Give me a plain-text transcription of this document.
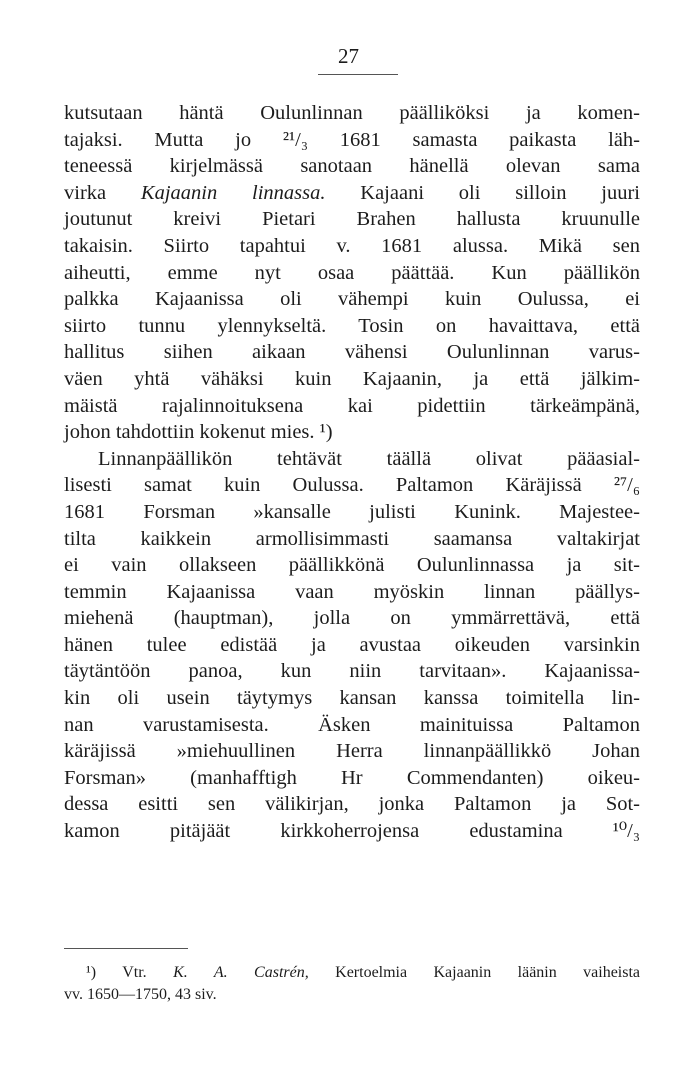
27
kutsutaan häntä Oulunlinnan päälliköksi ja komen-
tajaksi. Mutta jo ²¹/₃ 1681 samasta paikasta läh-
teneessä kirjelmässä sanotaan hänellä olevan sama
virka Kajaanin linnassa. Kajaani oli silloin juuri
joutunut kreivi Pietari Brahen hallusta kruunulle
takaisin. Siirto tapahtui v. 1681 alussa. Mikä sen
aiheutti, emme nyt osaa päättää. Kun päällikön
palkka Kajaanissa oli vähempi kuin Oulussa, ei
siirto tunnu ylennykseltä. Tosin on havaittava, että
hallitus siihen aikaan vähensi Oulunlinnan varus-
väen yhtä vähäksi kuin Kajaanin, ja että jälkim-
mäistä rajalinnoituksena kai pidettiin tärkeämpänä,
johon tahdottiin kokenut mies. ¹)
Linnanpäällikön tehtävät täällä olivat pääasial-
lisesti samat kuin Oulussa. Paltamon Käräjissä ²⁷/₆
1681 Forsman »kansalle julisti Kunink. Majestee-
tilta kaikkein armollisimmasti saamansa valtakirjat
ei vain ollakseen päällikkönä Oulunlinnassa ja sit-
temmin Kajaanissa vaan myöskin linnan päällys-
miehenä (hauptman), jolla on ymmärrettävä, että
hänen tulee edistää ja avustaa oikeuden varsinkin
täytäntöön panoa, kun niin tarvitaan». Kajaanissa-
kin oli usein täytymys kansan kanssa toimitella lin-
nan varustamisesta. Äsken mainituissa Paltamon
käräjissä »miehuullinen Herra linnanpäällikkö Johan
Forsman» (manhafftigh Hr Commendanten) oikeu-
dessa esitti sen välikirjan, jonka Paltamon ja Sot-
kamon pitäjäät kirkkoherrojensa edustamina ¹⁰/₃
¹) Vtr. K. A. Castrén, Kertoelmia Kajaanin läänin vaiheista
vv. 1650—1750, 43 siv.
